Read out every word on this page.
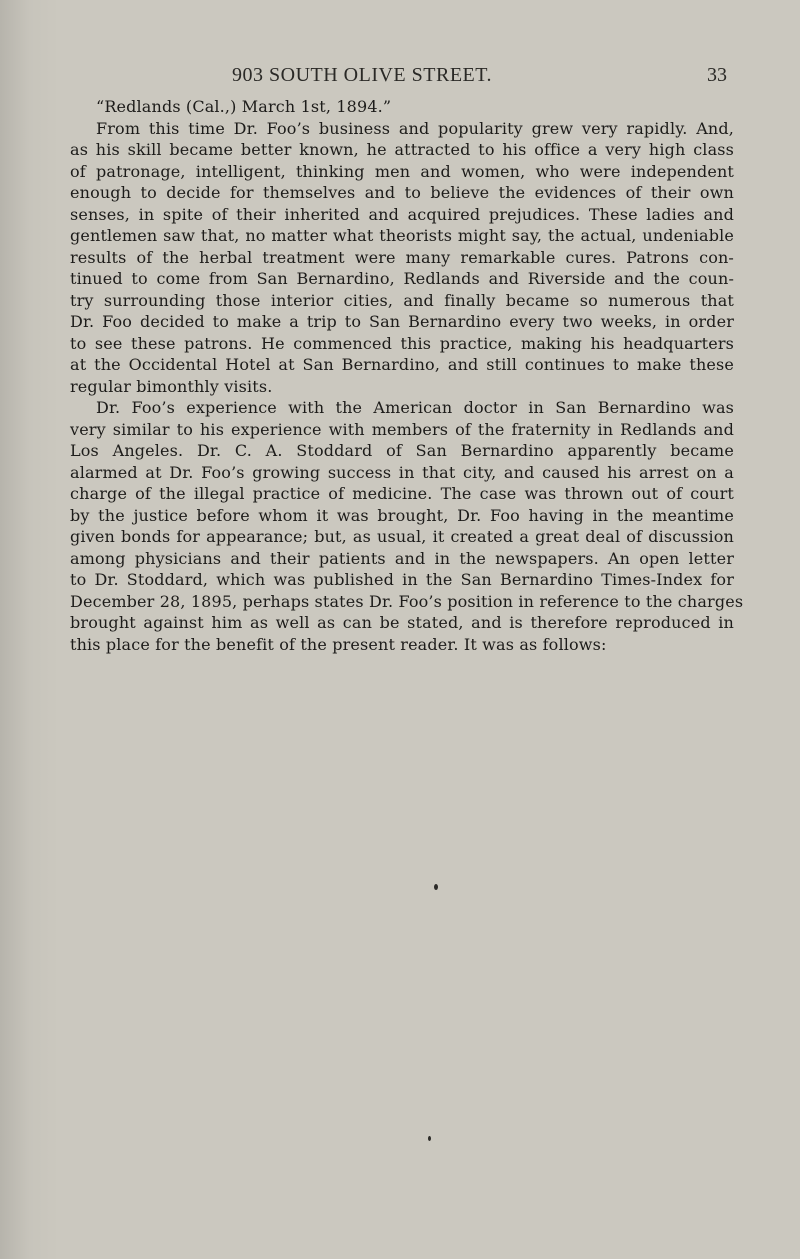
903 SOUTH OLIVE STREET.	33
“Redlands (Cal.,) March 1st, 1894.”
From this time Dr. Foo’s business and popularity grew very rapidly. And,
as his skill became better known, he attracted to his office a very high class
of patronage, intelligent, thinking men and women, who were independent
enough to decide for themselves and to believe the evidences of their own
senses, in spite of their inherited and acquired prejudices. These ladies and
gentlemen saw that, no matter what theorists might say, the actual, undeniable
results of the herbal treatment were many remarkable cures. Patrons con-
tinued to come from San Bernardino, Redlands and Riverside and the coun-
try surrounding those interior cities, and finally became so numerous that
Dr. Foo decided to make a trip to San Bernardino every two weeks, in order
to see these patrons. He commenced this practice, making his headquarters
at the Occidental Hotel at San Bernardino, and still continues to make these
regular bimonthly visits.
Dr. Foo’s experience with the American doctor in San Bernardino was
very similar to his experience with members of the fraternity in Redlands and
Los Angeles. Dr. C. A. Stoddard of San Bernardino apparently became
alarmed at Dr. Foo’s growing success in that city, and caused his arrest on a
charge of the illegal practice of medicine. The case was thrown out of court
by the justice before whom it was brought, Dr. Foo having in the meantime
given bonds for appearance; but, as usual, it created a great deal of discussion
among physicians and their patients and in the newspapers. An open letter
to Dr. Stoddard, which was published in the San Bernardino Times-Index for
December 28, 1895, perhaps states Dr. Foo’s position in reference to the charges
brought against him as well as can be stated, and is therefore reproduced in
this place for the benefit of the present reader. It was as follows:
